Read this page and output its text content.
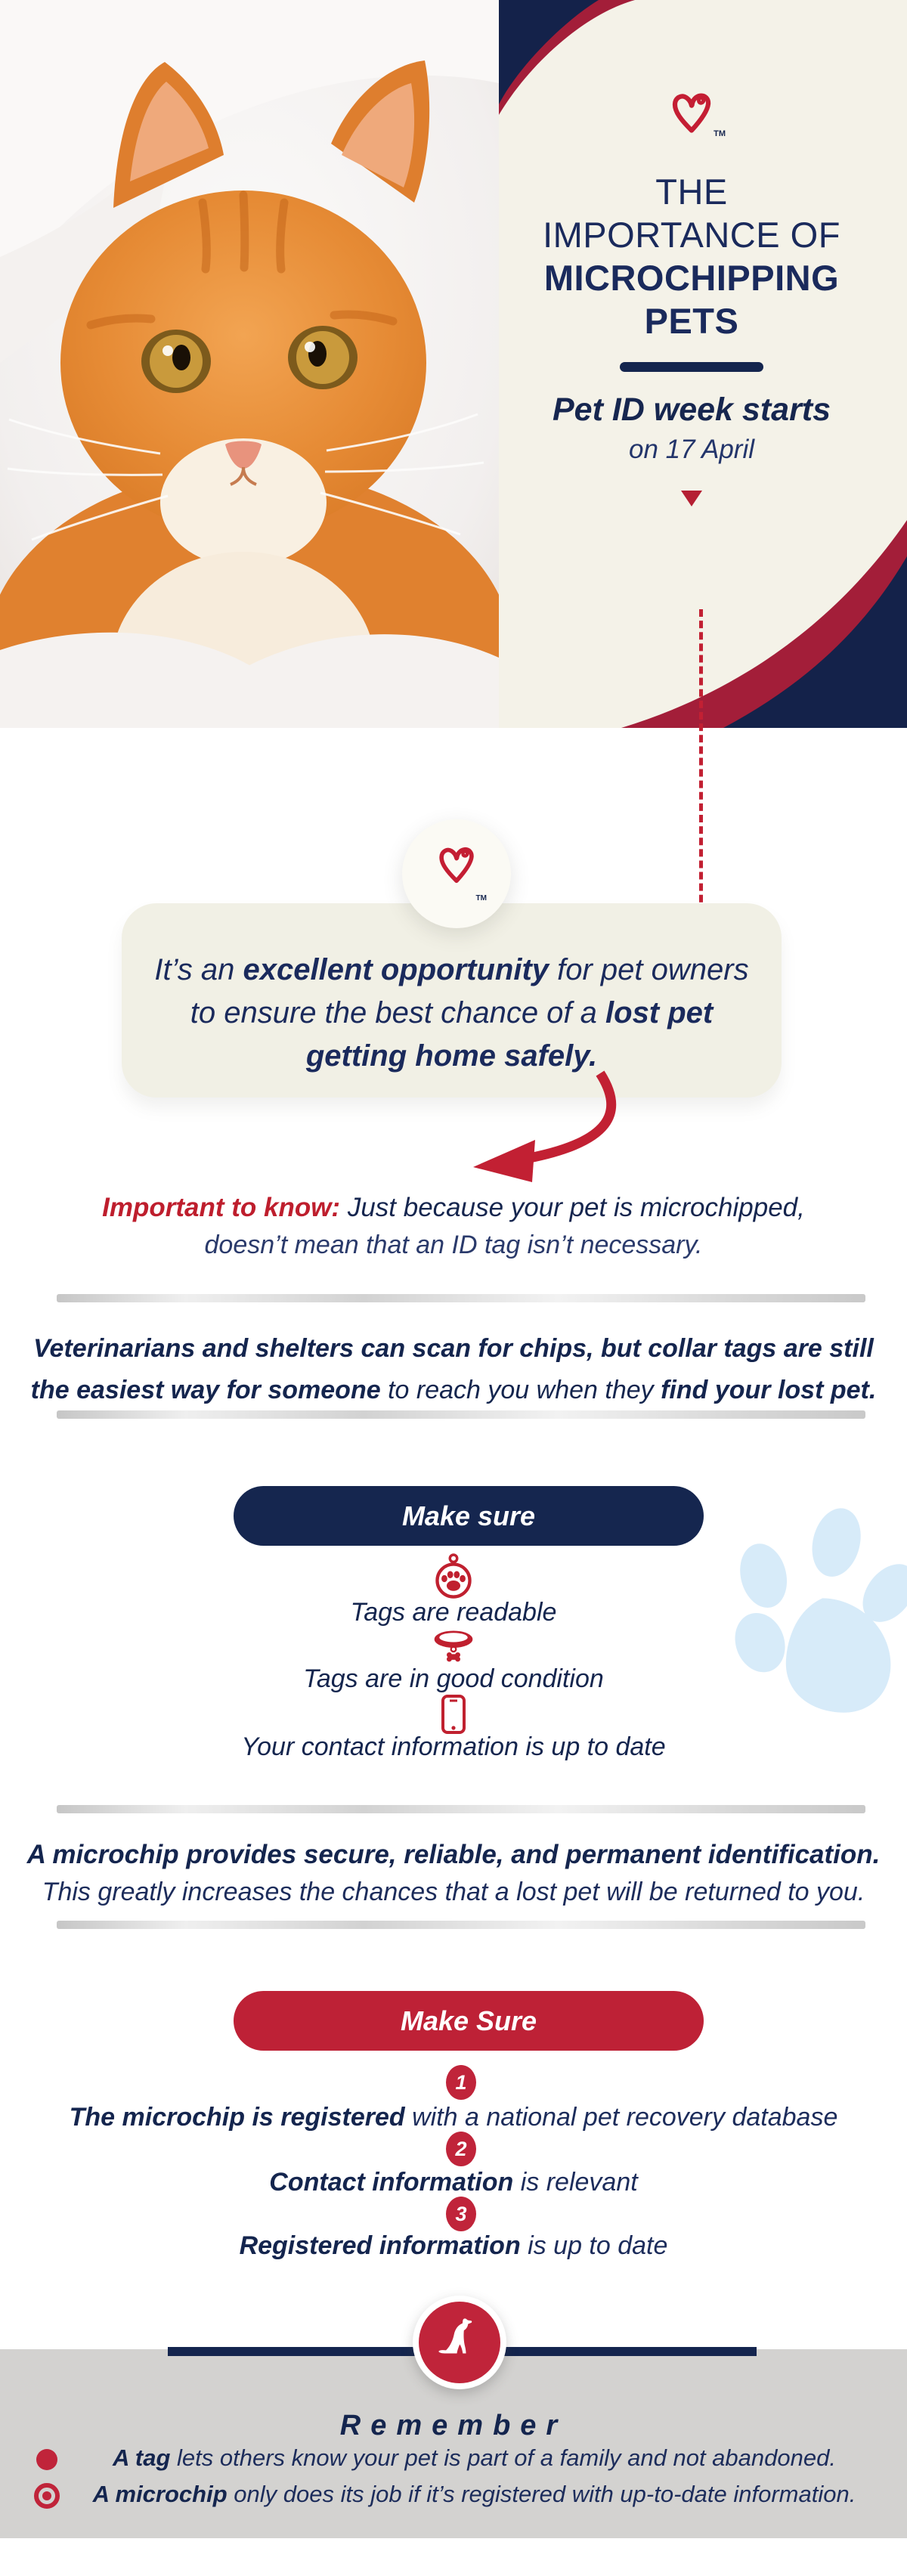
TM
THE
IMPORTANCE OF
MICROCHIPPING
PETS
Pet ID week starts
on 17 April
TM
It’s an excellent opportunity for pet owners
to ensure the best chance of a lost pet
getting home safely.
Important to know: Just because your pet is microchipped,
doesn’t mean that an ID tag isn’t necessary.
Veterinarians and shelters can scan for chips, but collar tags are still
the easiest way for someone to reach you when they find your lost pet.
Make sure
Tags are readable
Tags are in good condition
Your contact information is up to date
A microchip provides secure, reliable, and permanent identification.
This greatly increases the chances that a lost pet will be returned to you.
Make Sure
1
The microchip is registered with a national pet recovery database
2
Contact information is relevant
3
Registered information is up to date
Remember
A tag lets others know your pet is part of a family and not abandoned.
A microchip only does its job if it’s registered with up-to-date information.
